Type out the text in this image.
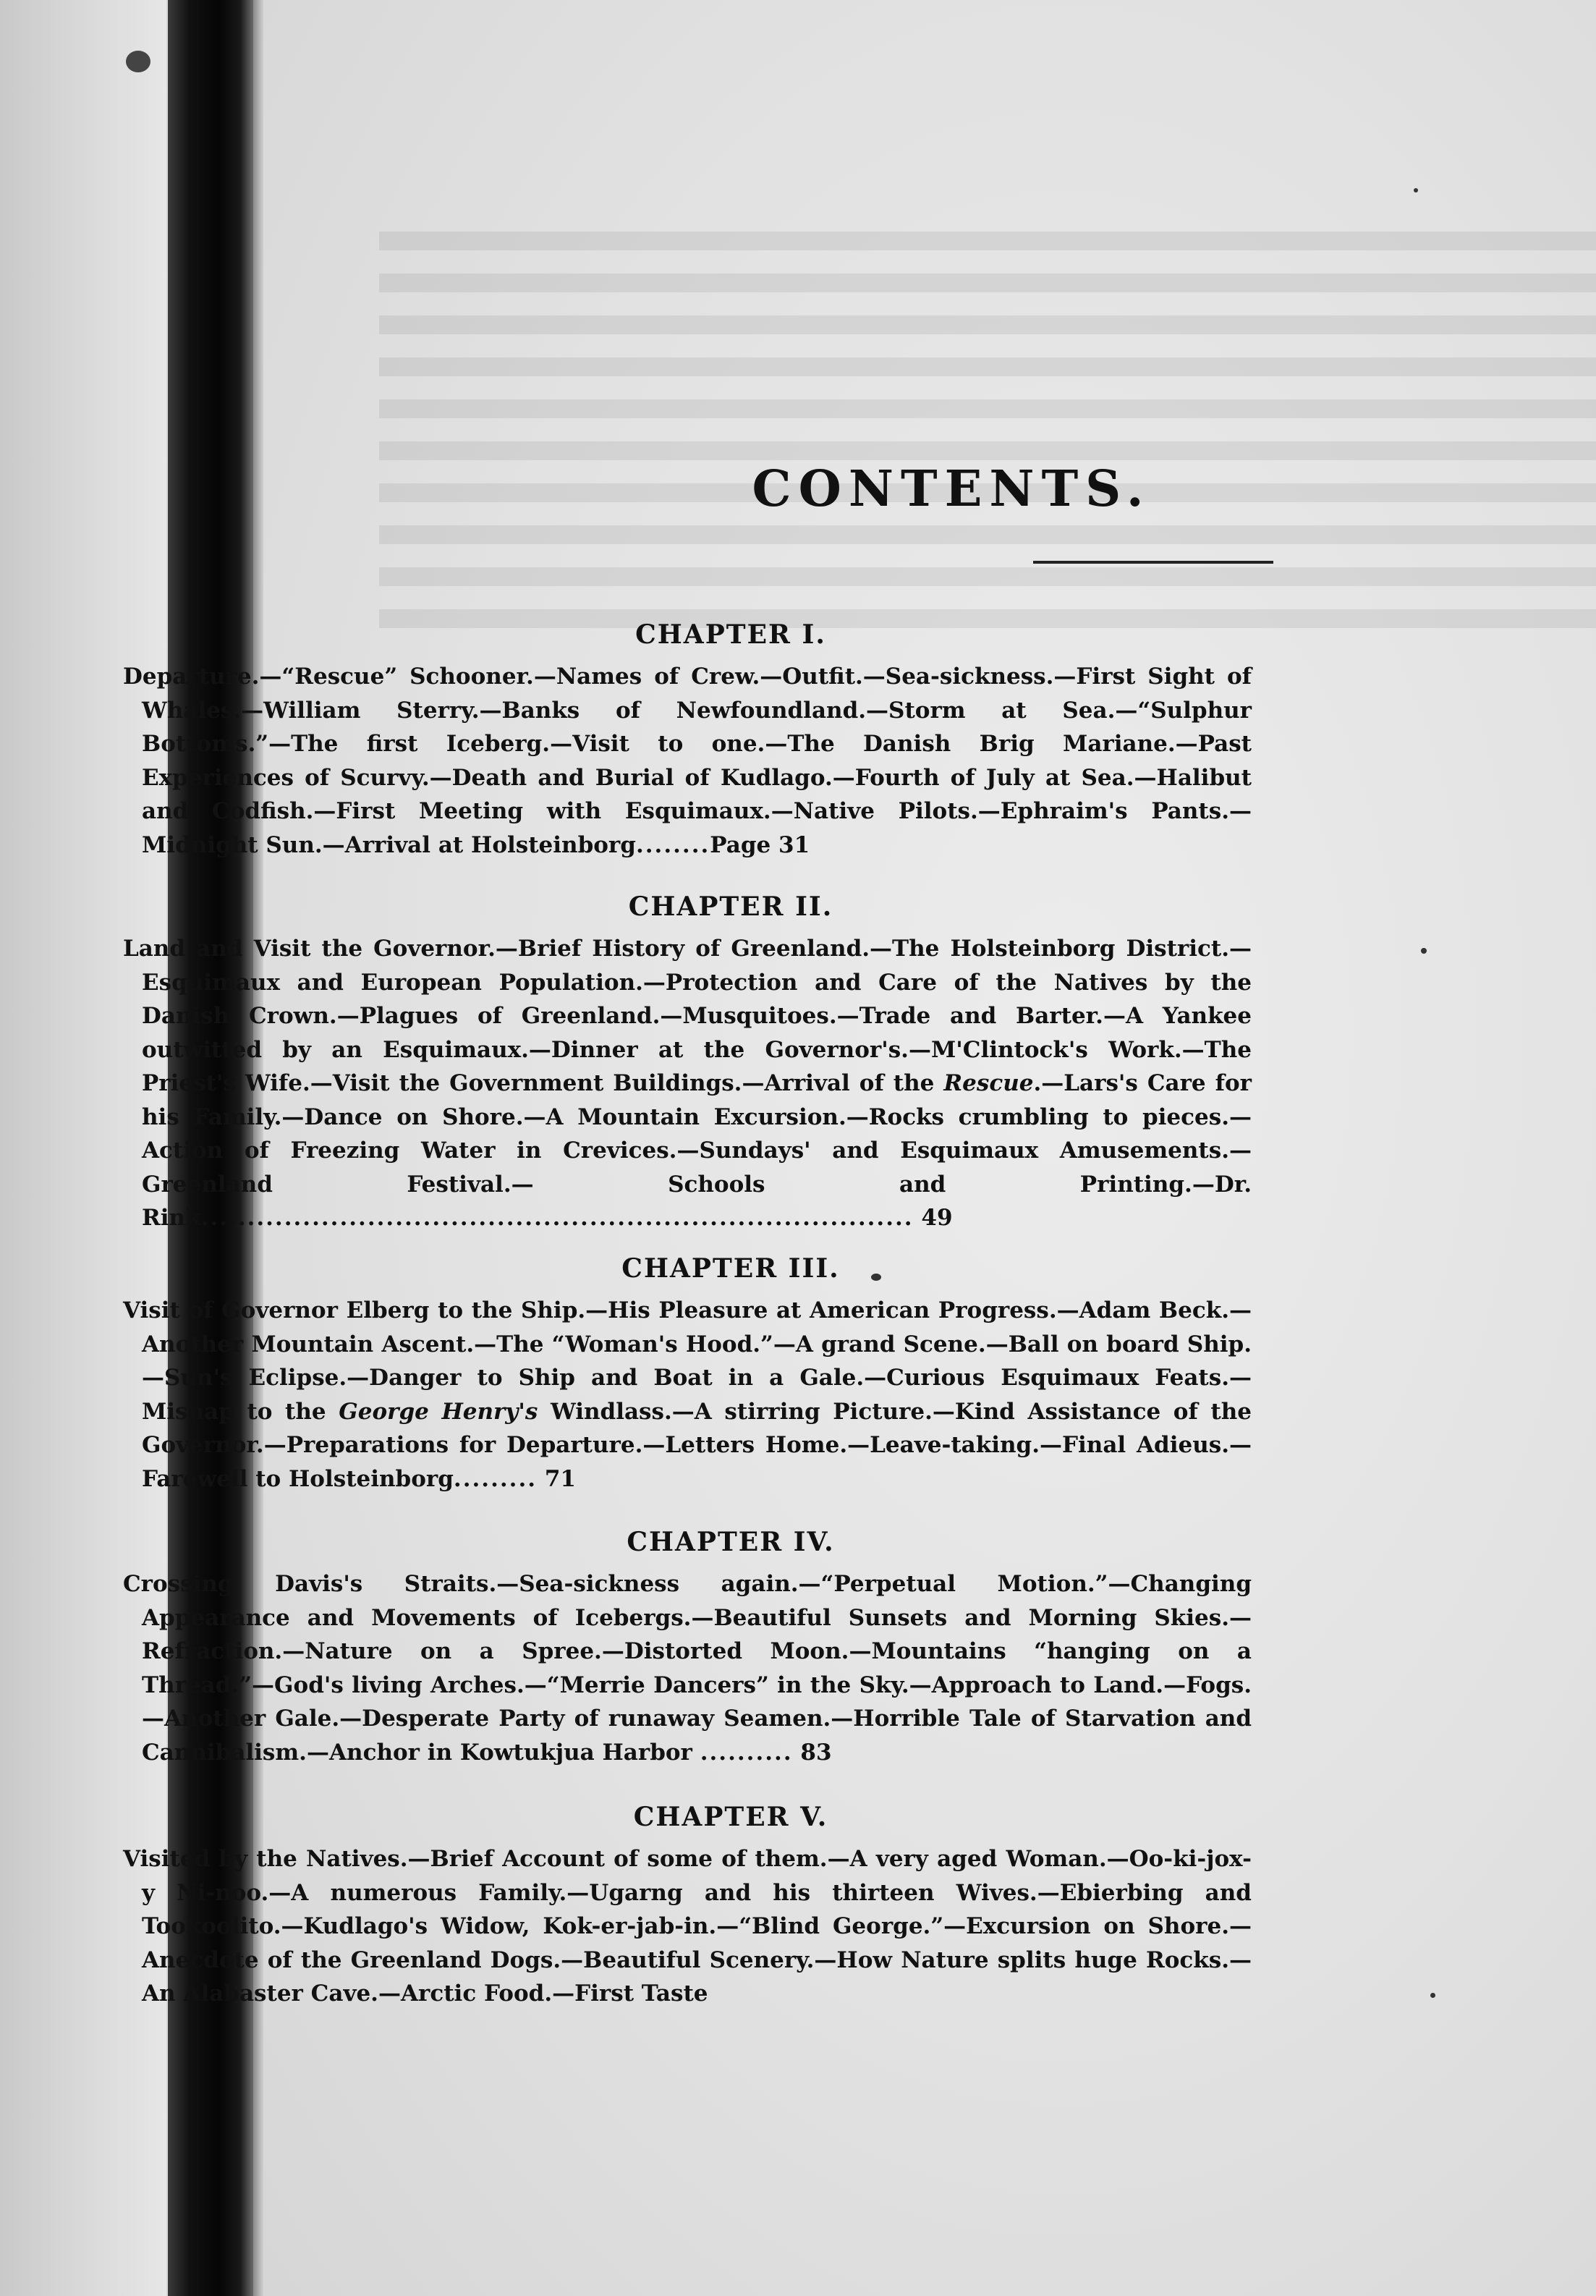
CONTENTS.
CHAPTER I.

Departure.—“Rescue” Schooner.—Names of Crew.—Outfit.—Sea-sickness.—First Sight of Whales.—William Sterry.—Banks of Newfoundland.—Storm at Sea.—“Sulphur Bottoms.”—The first Iceberg.—Visit to one.—The Danish Brig Mariane.—Past Experiences of Scurvy.—Death and Burial of Kudlago.—Fourth of July at Sea.—Halibut and Codfish.—First Meeting with Esquimaux.—Native Pilots.—Ephraim's Pants.—Midnight Sun.—Arrival at Holsteinborg........Page 31

CHAPTER II.

Land and Visit the Governor.—Brief History of Greenland.—The Holsteinborg District.—Esquimaux and European Population.—Protection and Care of the Natives by the Danish Crown.—Plagues of Greenland.—Musquitoes.—Trade and Barter.—A Yankee outwitted by an Esquimaux.—Dinner at the Governor's.—M'Clintock's Work.—The Priest's Wife.—Visit the Government Buildings.—Arrival of the Rescue.—Lars's Care for his Family.—Dance on Shore.—A Mountain Excursion.—Rocks crumbling to pieces.—Action of Freezing Water in Crevices.—Sundays' and Esquimaux Amusements.— Greenland Festival.— Schools and Printing.—Dr. Rink............................................................................. 49

CHAPTER III.

Visit of Governor Elberg to the Ship.—His Pleasure at American Progress.—Adam Beck.—Another Mountain Ascent.—The “Woman's Hood.”—A grand Scene.—Ball on board Ship.—Sun's Eclipse.—Danger to Ship and Boat in a Gale.—Curious Esquimaux Feats.—Mishap to the George Henry's Windlass.—A stirring Picture.—Kind Assistance of the Governor.—Preparations for Departure.—Letters Home.—Leave-taking.—Final Adieus.—Farewell to Holsteinborg......... 71

CHAPTER IV.

Crossing Davis's Straits.—Sea-sickness again.—“Perpetual Motion.”—Changing Appearance and Movements of Icebergs.—Beautiful Sunsets and Morning Skies.—Refraction.—Nature on a Spree.—Distorted Moon.—Mountains “hanging on a Thread.”—God's living Arches.—“Merrie Dancers” in the Sky.—Approach to Land.—Fogs.—Another Gale.—Desperate Party of runaway Seamen.—Horrible Tale of Starvation and Cannibalism.—Anchor in Kowtukjua Harbor .......... 83

CHAPTER V.

Visited by the Natives.—Brief Account of some of them.—A very aged Woman.—Oo-ki-jox-y Ni-noo.—A numerous Family.—Ugarng and his thirteen Wives.—Ebierbing and Tookoolito.—Kudlago's Widow, Kok-er-jab-in.—“Blind George.”—Excursion on Shore.—Anecdote of the Greenland Dogs.—Beautiful Scenery.—How Nature splits huge Rocks.—An Alabaster Cave.—Arctic Food.—First Taste
